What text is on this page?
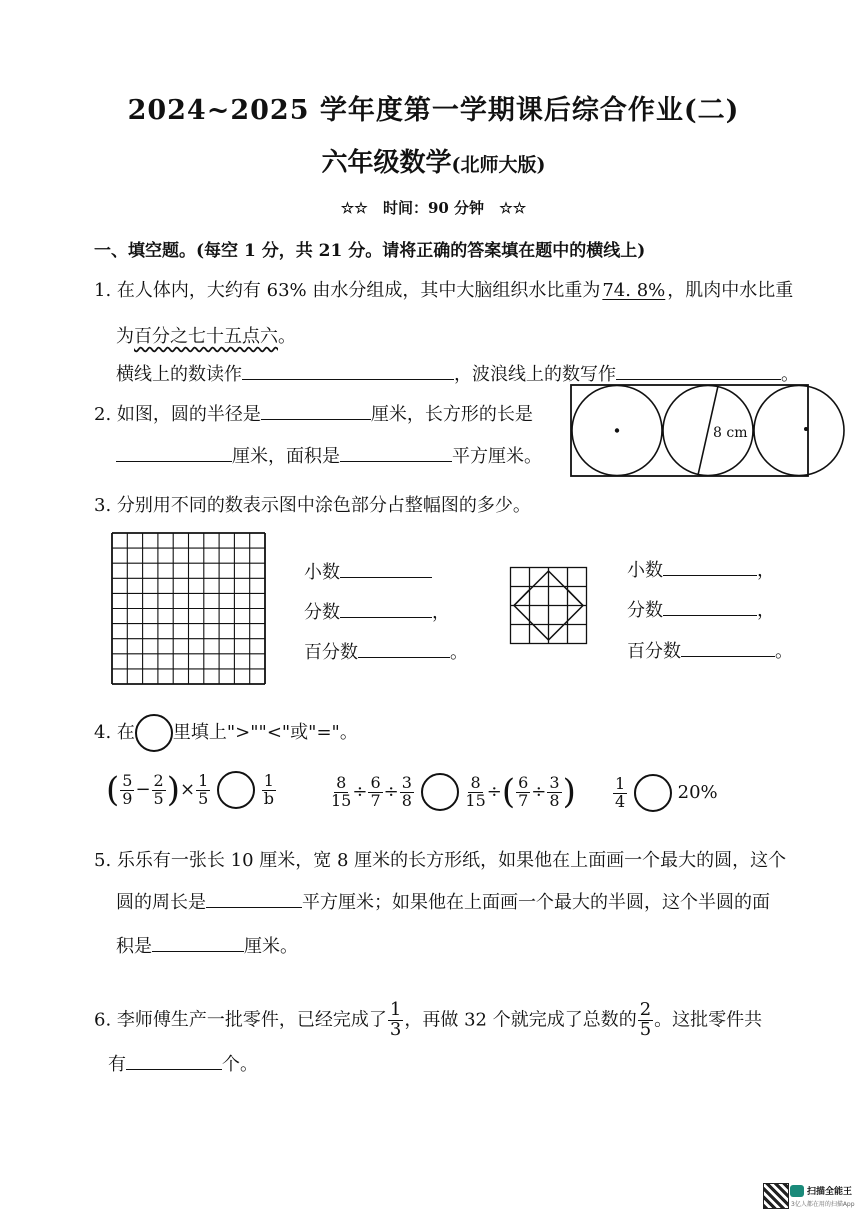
2024~2025 学年度第一学期课后综合作业(二)
六年级数学(北师大版)
☆☆ 时间：90 分钟 ☆☆
一、填空题。(每空 1 分，共 21 分。请将正确的答案填在题中的横线上)
1. 在人体内，大约有 63% 由水分组成，其中大脑组织水比重为 74. 8% ，肌肉中水比重
为百分之七十五点六。
横线上的数读作	，波浪线上的数写作	。
2. 如图，圆的半径是	厘米，长方形的长是
厘米，面积是	平方厘米。
8 cm
3. 分别用不同的数表示图中涂色部分占整幅图的多少。
小数
分数	，
百分数	。
小数	，
分数	，
百分数	。
4. 在 里填上">""<"或"="。
( $\frac{5}{9} - \frac{2}{5}$ )× $\frac{1}{5}$
	$\frac{1}{b}$	$\frac{8}{15} \div \frac{6}{7} \div \frac{3}{8}$
	$\frac{8}{15}$ ÷( $\frac{6}{7} \div \frac{3}{8}$ ) $\frac{1}{4}$	20%
5. 乐乐有一张长 10 厘米，宽 8 厘米的长方形纸，如果他在上面画一个最大的圆，这个
圆的周长是	平方厘米；如果他在上面画一个最大的半圆，这个半圆的面
积是	厘米。
6. 李师傅生产一批零件，已经完成了 $\frac{1}{3}$ ，再做 32 个就完成了总数的 $\frac{2}{5}$ 。这批零件共
有	个。
扫描全能王
3亿人都在用的扫描App
